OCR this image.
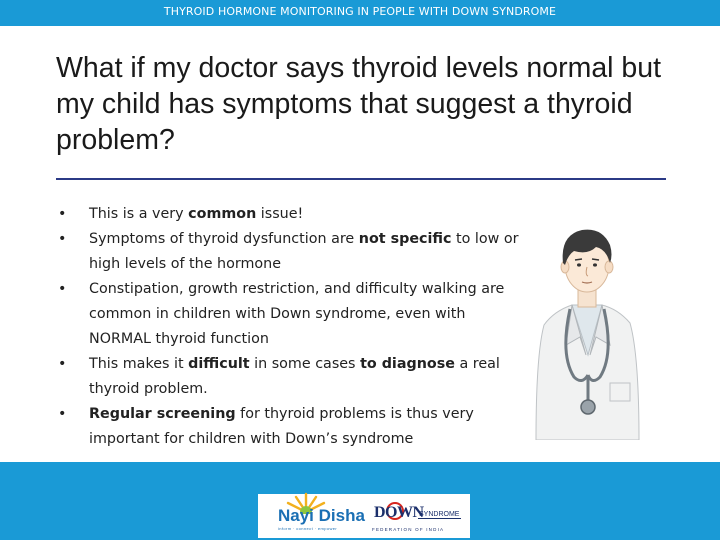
THYROID HORMONE MONITORING IN PEOPLE WITH DOWN SYNDROME
What if my doctor says thyroid levels normal but my child has symptoms that suggest a thyroid problem?
• This is a very common issue!
• Symptoms of thyroid dysfunction are not specific to low or high levels of the hormone
• Constipation, growth restriction, and difficulty walking are common in children with Down syndrome, even with NORMAL thyroid function
• This makes it difficult in some cases to diagnose a real thyroid problem.
• Regular screening for thyroid problems is thus very important for children with Down’s syndrome
Nayi Disha
inform · connect · empower
DOWN
SYNDROME
FEDERATION OF INDIA
